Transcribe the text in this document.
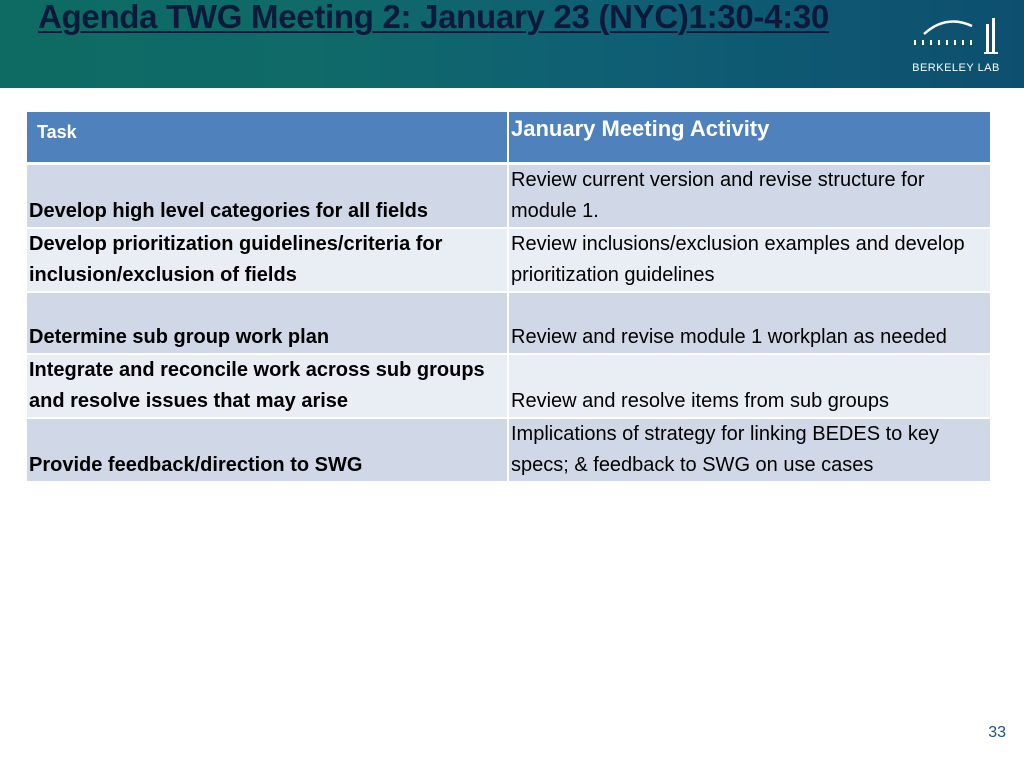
Agenda TWG Meeting 2: January 23 (NYC)1:30-4:30
BERKELEY LAB
Task	January Meeting Activity

Develop high level categories for all fields	Review current version and revise structure for module 1.
Develop prioritization guidelines/criteria for inclusion/exclusion of fields	Review inclusions/exclusion examples and develop prioritization guidelines
Determine sub group work plan	Review and revise module 1 workplan as needed
Integrate and reconcile work across sub groups and resolve issues that may arise	Review and resolve items from sub groups
Provide feedback/direction to SWG	Implications of strategy for linking BEDES to key specs; & feedback to SWG on use cases
33
